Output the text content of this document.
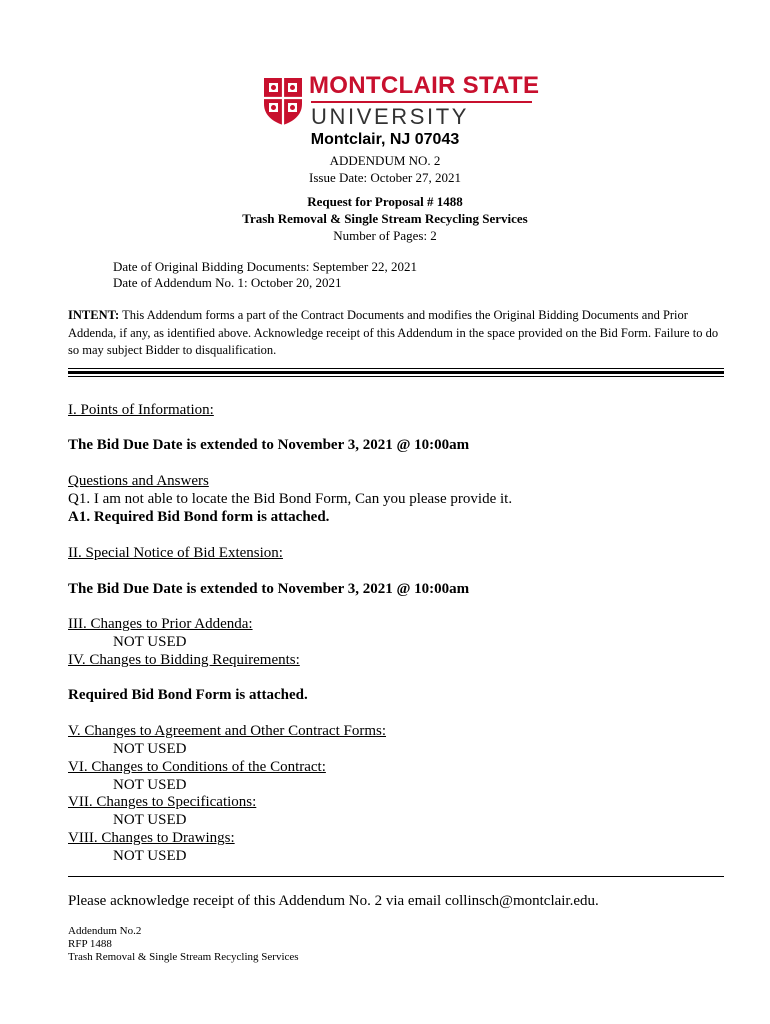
MONTCLAIR STATE
UNIVERSITY
Montclair, NJ 07043
ADDENDUM NO. 2
Issue Date: October 27, 2021
Request for Proposal # 1488
Trash Removal & Single Stream Recycling Services
Number of Pages: 2
Date of Original Bidding Documents: September 22, 2021
Date of Addendum No. 1: October 20, 2021
INTENT: This Addendum forms a part of the Contract Documents and modifies the Original Bidding Documents and Prior Addenda, if any, as identified above. Acknowledge receipt of this Addendum in the space provided on the Bid Form. Failure to do so may subject Bidder to disqualification.
I. Points of Information:
The Bid Due Date is extended to November 3, 2021 @ 10:00am
Questions and Answers
Q1. I am not able to locate the Bid Bond Form, Can you please provide it.
A1. Required Bid Bond form is attached.
II. Special Notice of Bid Extension:
The Bid Due Date is extended to November 3, 2021 @ 10:00am
III. Changes to Prior Addenda:
NOT USED
IV. Changes to Bidding Requirements:
Required Bid Bond Form is attached.
V. Changes to Agreement and Other Contract Forms:
NOT USED
VI. Changes to Conditions of the Contract:
NOT USED
VII. Changes to Specifications:
NOT USED
VIII. Changes to Drawings:
NOT USED
Please acknowledge receipt of this Addendum No. 2 via email collinsch@montclair.edu.
Addendum No.2
RFP 1488
Trash Removal & Single Stream Recycling Services
